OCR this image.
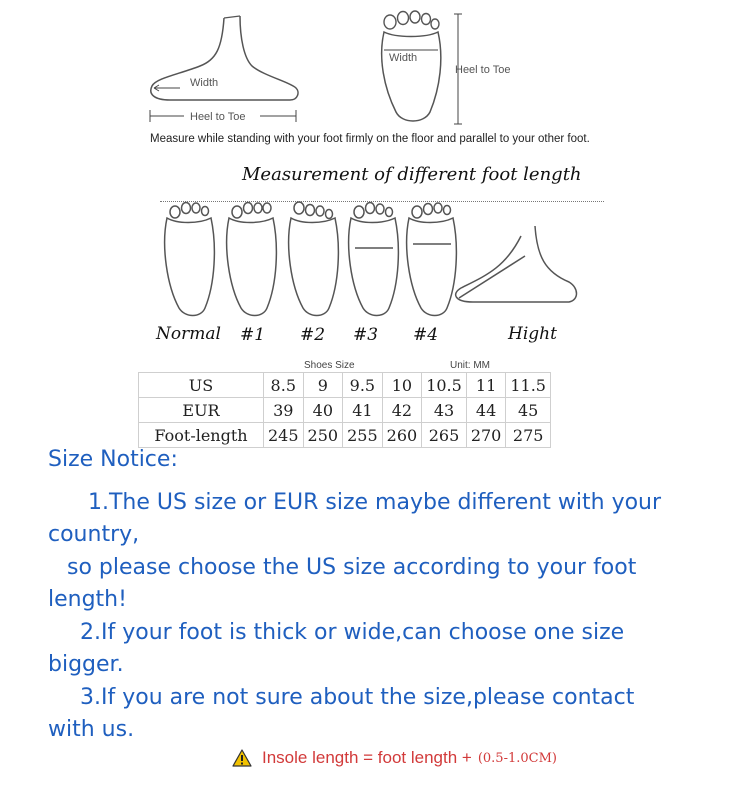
Width
Heel to Toe
Width
Heel to Toe
Measure while standing with your foot firmly on the floor and parallel to your other foot.
Measurement of different foot length
Normal #1 #2 #3 #4	Hight
Shoes Size	Unit: MM
US	8.5	9	9.5	10	10.5	11	11.5
EUR	39	40	41	42	43	44	45
Foot-length	245	250	255	260	265	270	275

Size Notice:

1.The US size or EUR size maybe different with your

country,

so please choose the US size according to your foot

length!

2.If your foot is thick or wide,can choose one size

bigger.

3.If you are not sure about the size,please contact

with us.

Insole length = foot length + (0.5-1.0CM)
